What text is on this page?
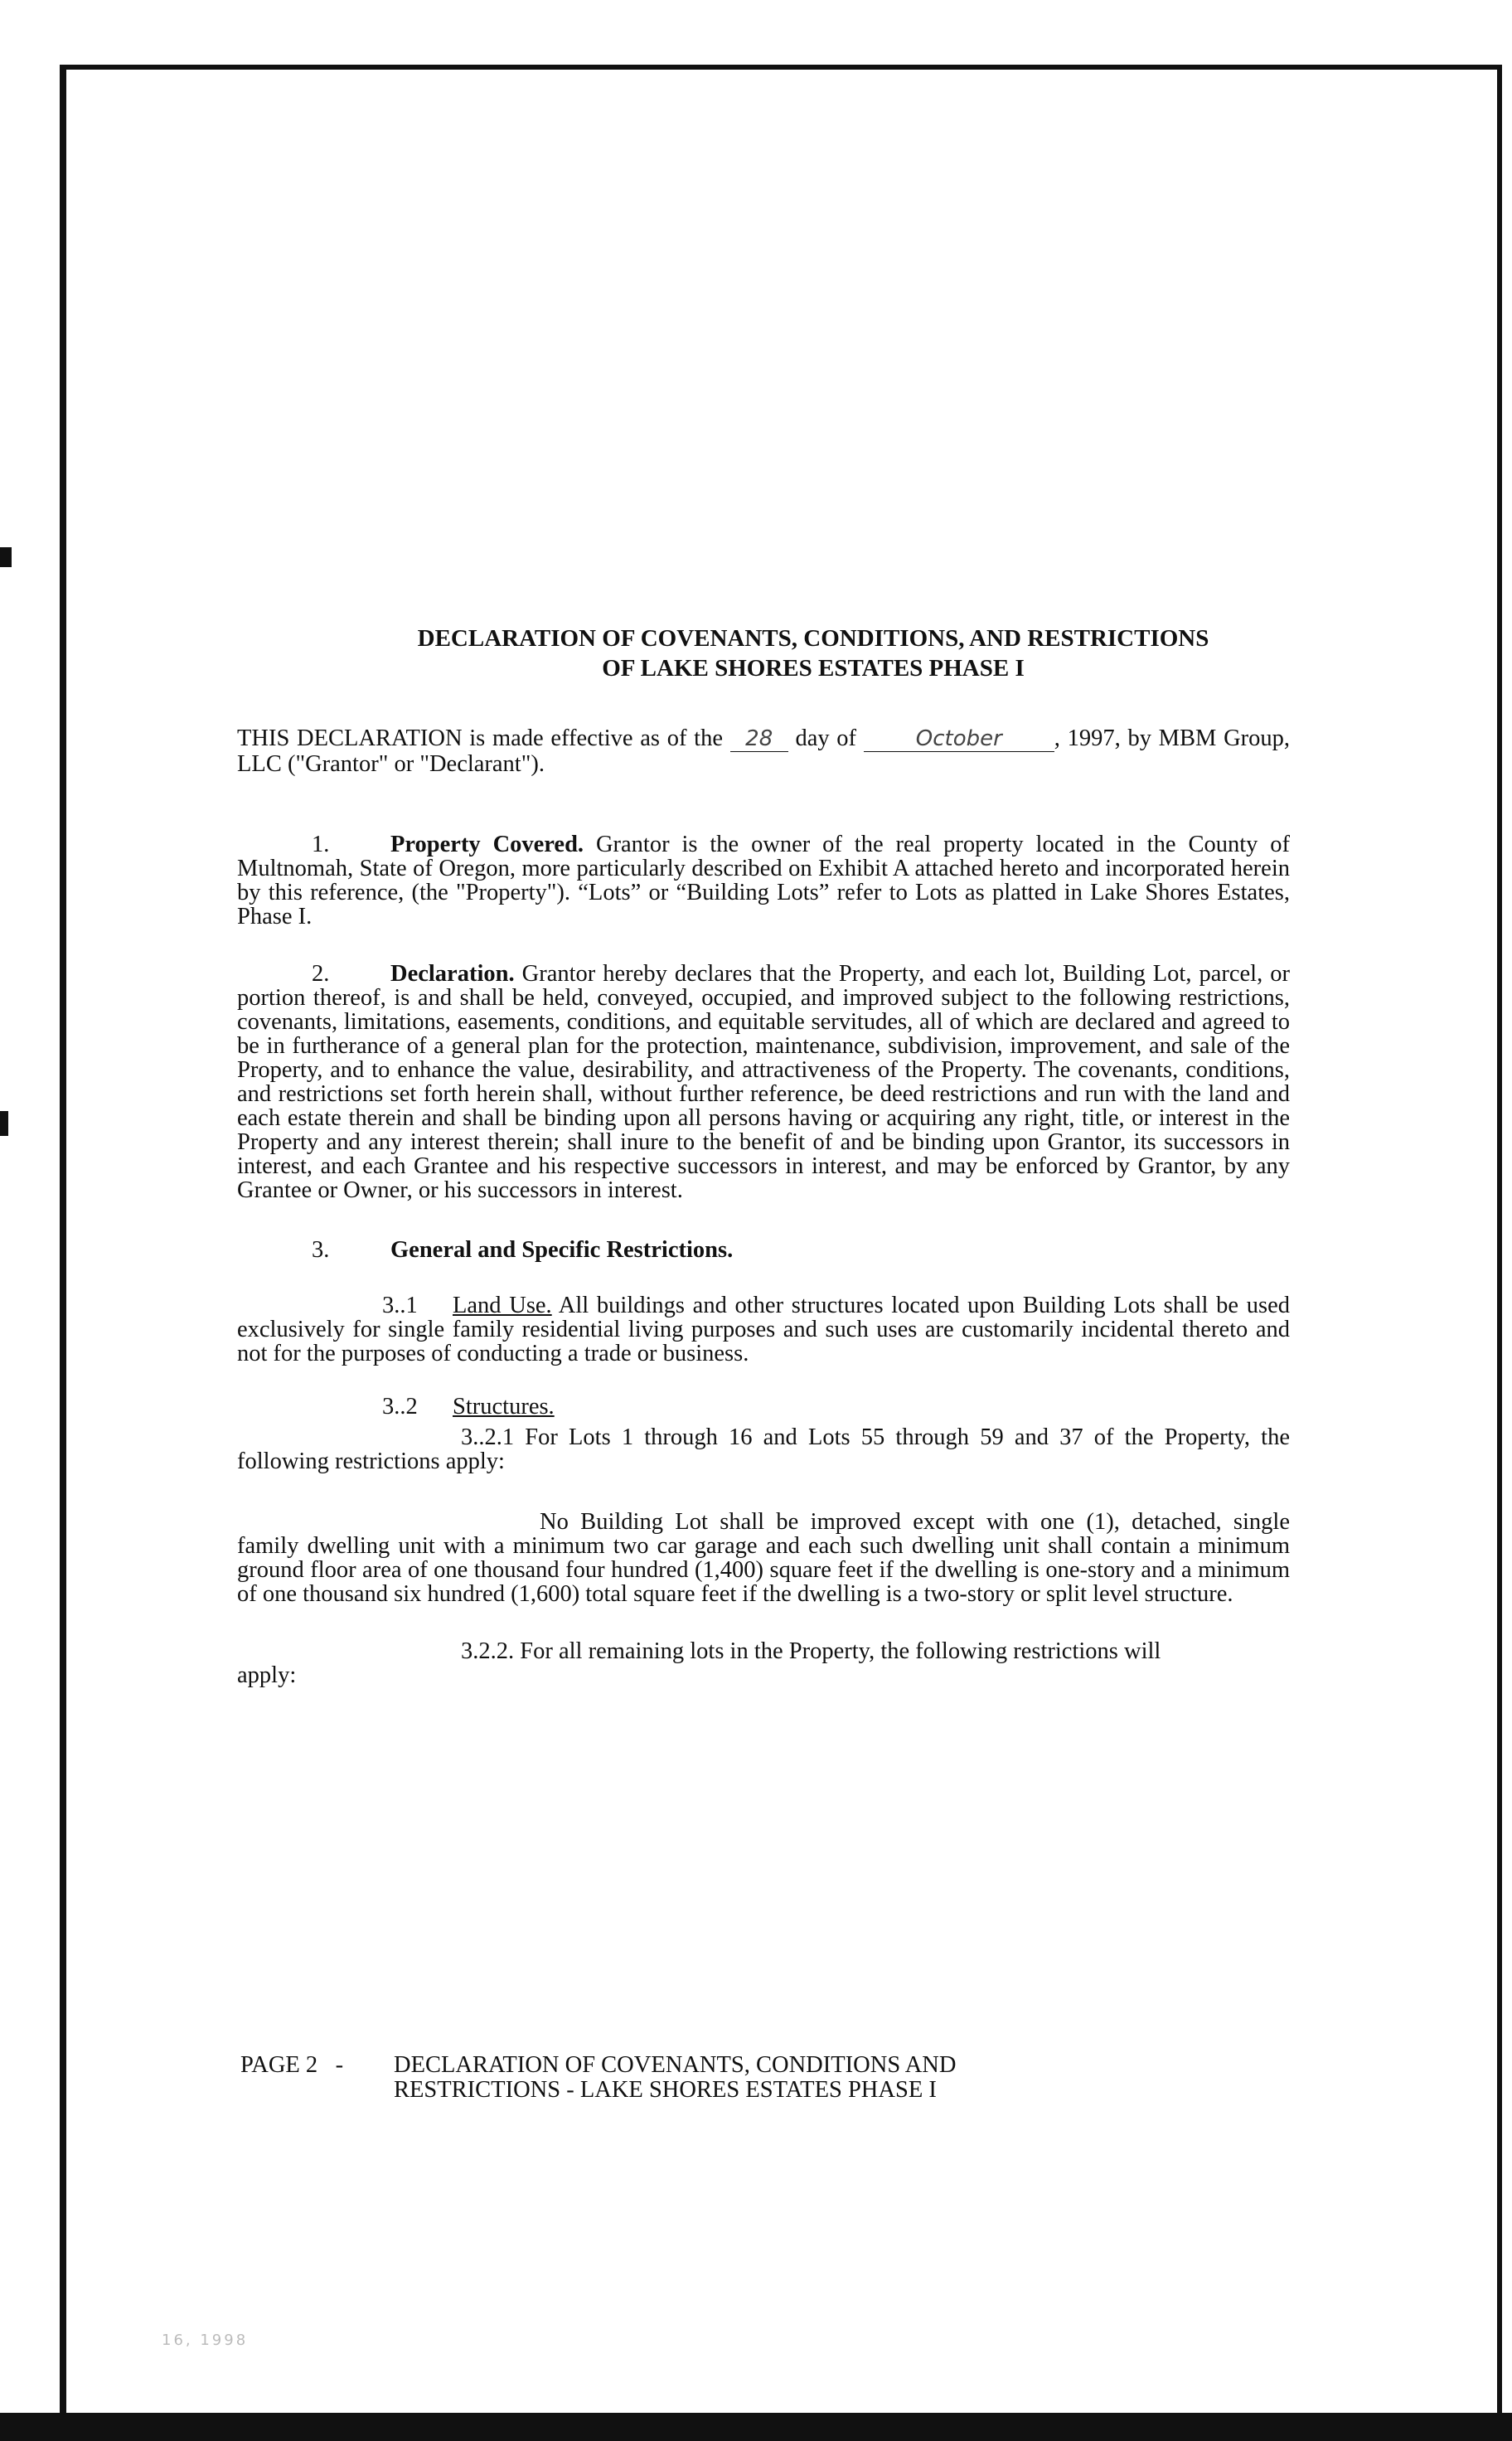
DECLARATION OF COVENANTS, CONDITIONS, AND RESTRICTIONS
OF LAKE SHORES ESTATES PHASE I

THIS DECLARATION is made effective as of the 28 day of	October , 1997, by MBM Group, LLC ("Grantor" or "Declarant").

1.	Property Covered. Grantor is the owner of the real property located in the County of Multnomah, State of Oregon, more particularly described on Exhibit A attached hereto and incorporated herein by this reference, (the "Property"). “Lots” or “Building Lots” refer to Lots as platted in Lake Shores Estates, Phase I.

2.	Declaration. Grantor hereby declares that the Property, and each lot, Building Lot, parcel, or portion thereof, is and shall be held, conveyed, occupied, and improved subject to the following restrictions, covenants, limitations, easements, conditions, and equitable servitudes, all of which are declared and agreed to be in furtherance of a general plan for the protection, maintenance, subdivision, improvement, and sale of the Property, and to enhance the value, desirability, and attractiveness of the Property. The covenants, conditions, and restrictions set forth herein shall, without further reference, be deed restrictions and run with the land and each estate therein and shall be binding upon all persons having or acquiring any right, title, or interest in the Property and any interest therein; shall inure to the benefit of and be binding upon Grantor, its successors in interest, and each Grantee and his respective successors in interest, and may be enforced by Grantor, by any Grantee or Owner, or his successors in interest.

3.	General and Specific Restrictions.

3..1 Land Use. All buildings and other structures located upon Building Lots shall be used exclusively for single family residential living purposes and such uses are customarily incidental thereto and not for the purposes of conducting a trade or business.

3..2 Structures.

3..2.1 For Lots 1 through 16 and Lots 55 through 59 and 37 of the Property, the following restrictions apply:

No Building Lot shall be improved except with one (1), detached, single family dwelling unit with a minimum two car garage and each such dwelling unit shall contain a minimum ground floor area of one thousand four hundred (1,400) square feet if the dwelling is one-story and a minimum of one thousand six hundred (1,600) total square feet if the dwelling is a two-story or split level structure.

3.2.2. For all remaining lots in the Property, the following restrictions will

apply:

PAGE 2 - DECLARATION OF COVENANTS, CONDITIONS AND
RESTRICTIONS - LAKE SHORES ESTATES PHASE I
16, 1998
